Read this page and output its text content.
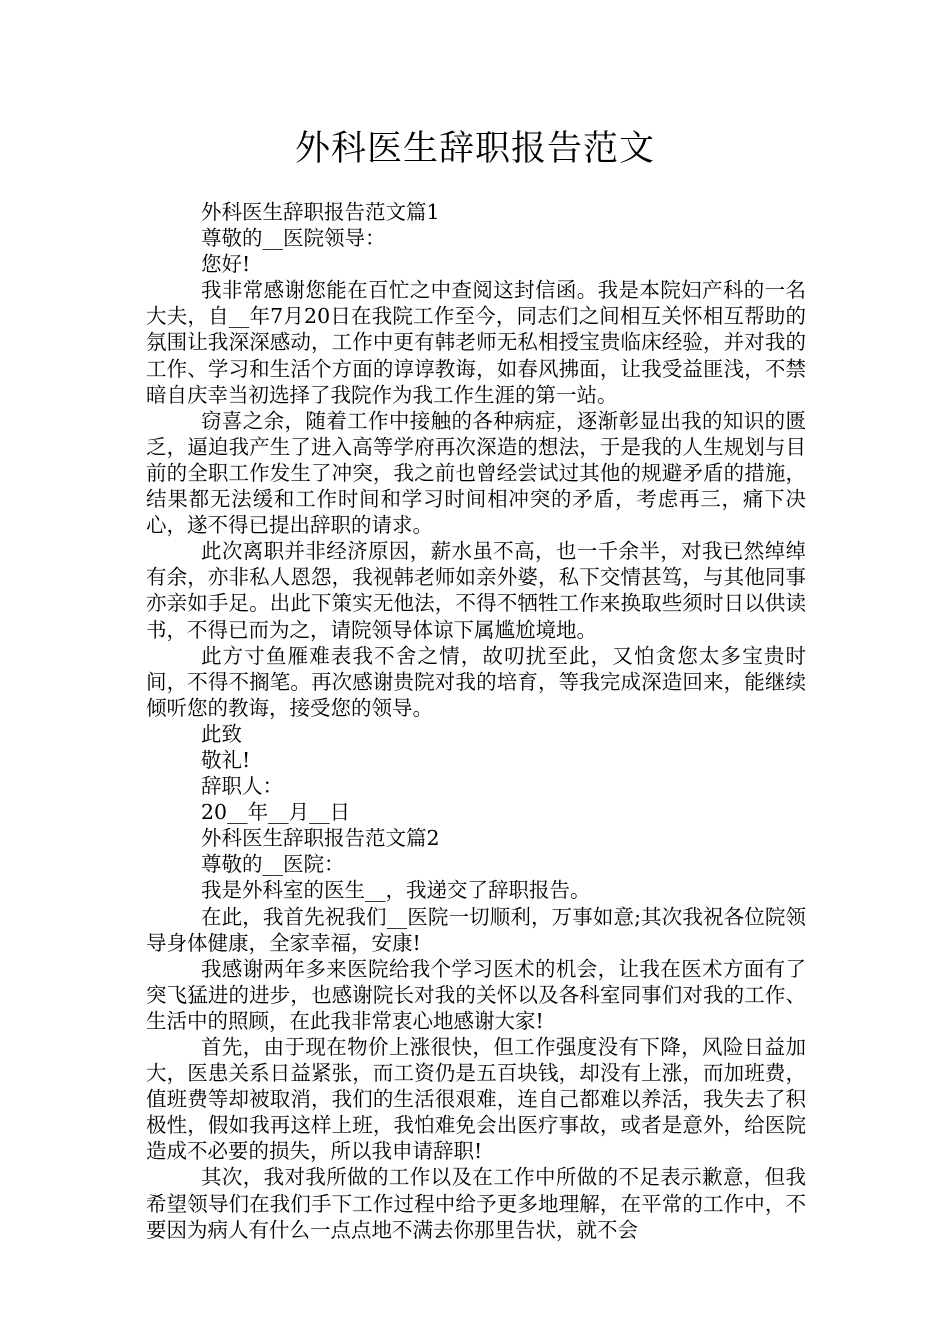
外科医生辞职报告范文

外科医生辞职报告范文篇1

尊敬的__医院领导：

您好!

我非常感谢您能在百忙之中查阅这封信函。我是本院妇产科的一名大夫，自__年7月20日在我院工作至今，同志们之间相互关怀相互帮助的氛围让我深深感动，工作中更有韩老师无私相授宝贵临床经验，并对我的工作、学习和生活个方面的谆谆教诲，如春风拂面，让我受益匪浅，不禁暗自庆幸当初选择了我院作为我工作生涯的第一站。

窃喜之余，随着工作中接触的各种病症，逐渐彰显出我的知识的匮乏，逼迫我产生了进入高等学府再次深造的想法，于是我的人生规划与目前的全职工作发生了冲突，我之前也曾经尝试过其他的规避矛盾的措施，结果都无法缓和工作时间和学习时间相冲突的矛盾，考虑再三，痛下决心，遂不得已提出辞职的请求。

此次离职并非经济原因，薪水虽不高，也一千余半，对我已然绰绰有余，亦非私人恩怨，我视韩老师如亲外婆，私下交情甚笃，与其他同事亦亲如手足。出此下策实无他法，不得不牺牲工作来换取些须时日以供读书，不得已而为之，请院领导体谅下属尴尬境地。

此方寸鱼雁难表我不舍之情，故叨扰至此，又怕贪您太多宝贵时间，不得不搁笔。再次感谢贵院对我的培育，等我完成深造回来，能继续倾听您的教诲，接受您的领导。

此致

敬礼!

辞职人：

20__年__月__日

外科医生辞职报告范文篇2

尊敬的__医院：

我是外科室的医生__，我递交了辞职报告。

在此，我首先祝我们__医院一切顺利，万事如意;其次我祝各位院领导身体健康，全家幸福，安康!

我感谢两年多来医院给我个学习医术的机会，让我在医术方面有了突飞猛进的进步，也感谢院长对我的关怀以及各科室同事们对我的工作、生活中的照顾，在此我非常衷心地感谢大家!

首先，由于现在物价上涨很快，但工作强度没有下降，风险日益加大，医患关系日益紧张，而工资仍是五百块钱，却没有上涨，而加班费，值班费等却被取消，我们的生活很艰难，连自己都难以养活，我失去了积极性，假如我再这样上班，我怕难免会出医疗事故，或者是意外，给医院造成不必要的损失，所以我申请辞职!

其次，我对我所做的工作以及在工作中所做的不足表示歉意，但我希望领导们在我们手下工作过程中给予更多地理解，在平常的工作中，不要因为病人有什么一点点地不满去你那里告状，就不会
